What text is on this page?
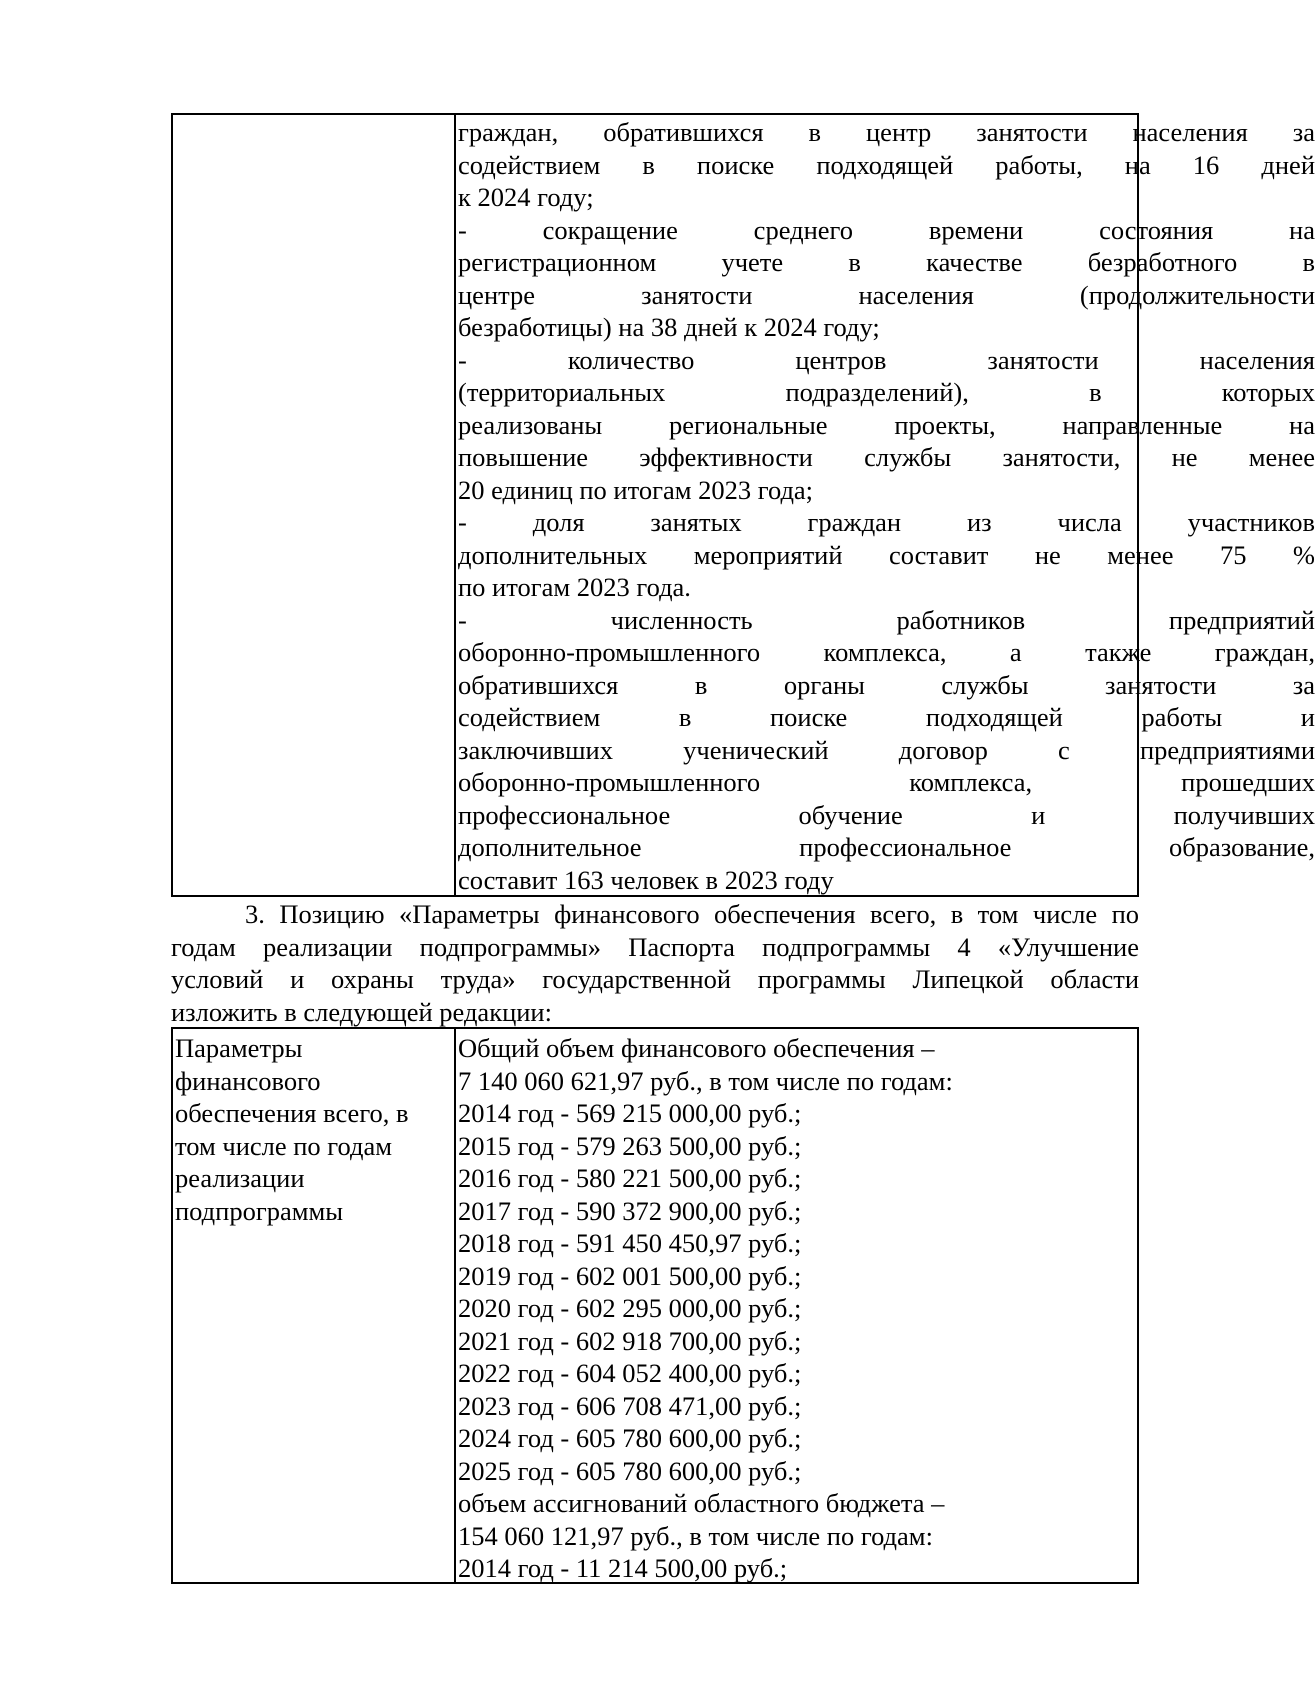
граждан, обратившихся в центр занятости населения за
содействием в поиске подходящей работы, на 16 дней
к 2024 году;
- сокращение среднего времени состояния на
регистрационном учете в качестве безработного в
центре занятости населения (продолжительности
безработицы) на 38 дней к 2024 году;
- количество центров занятости населения
(территориальных подразделений), в которых
реализованы региональные проекты, направленные на
повышение эффективности службы занятости, не менее
20 единиц по итогам 2023 года;
- доля занятых граждан из числа участников
дополнительных мероприятий составит не менее 75 %
по итогам 2023 года.
- численность работников предприятий
оборонно-промышленного комплекса, а также граждан,
обратившихся в органы службы занятости за
содействием в поиске подходящей работы и
заключивших ученический договор с предприятиями
оборонно-промышленного комплекса, прошедших
профессиональное обучение и получивших
дополнительное профессиональное образование,
составит 163 человек в 2023 году
3. Позицию «Параметры финансового обеспечения всего, в том числе по
годам реализации подпрограммы» Паспорта подпрограммы 4 «Улучшение
условий и охраны труда» государственной программы Липецкой области
изложить в следующей редакции:
Параметры
финансового
обеспечения всего, в
том числе по годам
реализации
подпрограммы
Общий объем финансового обеспечения –
7 140 060 621,97 руб., в том числе по годам:
2014 год - 569 215 000,00 руб.;
2015 год - 579 263 500,00 руб.;
2016 год - 580 221 500,00 руб.;
2017 год - 590 372 900,00 руб.;
2018 год - 591 450 450,97 руб.;
2019 год - 602 001 500,00 руб.;
2020 год - 602 295 000,00 руб.;
2021 год - 602 918 700,00 руб.;
2022 год - 604 052 400,00 руб.;
2023 год - 606 708 471,00 руб.;
2024 год - 605 780 600,00 руб.;
2025 год - 605 780 600,00 руб.;
объем ассигнований областного бюджета –
154 060 121,97 руб., в том числе по годам:
2014 год - 11 214 500,00 руб.;
